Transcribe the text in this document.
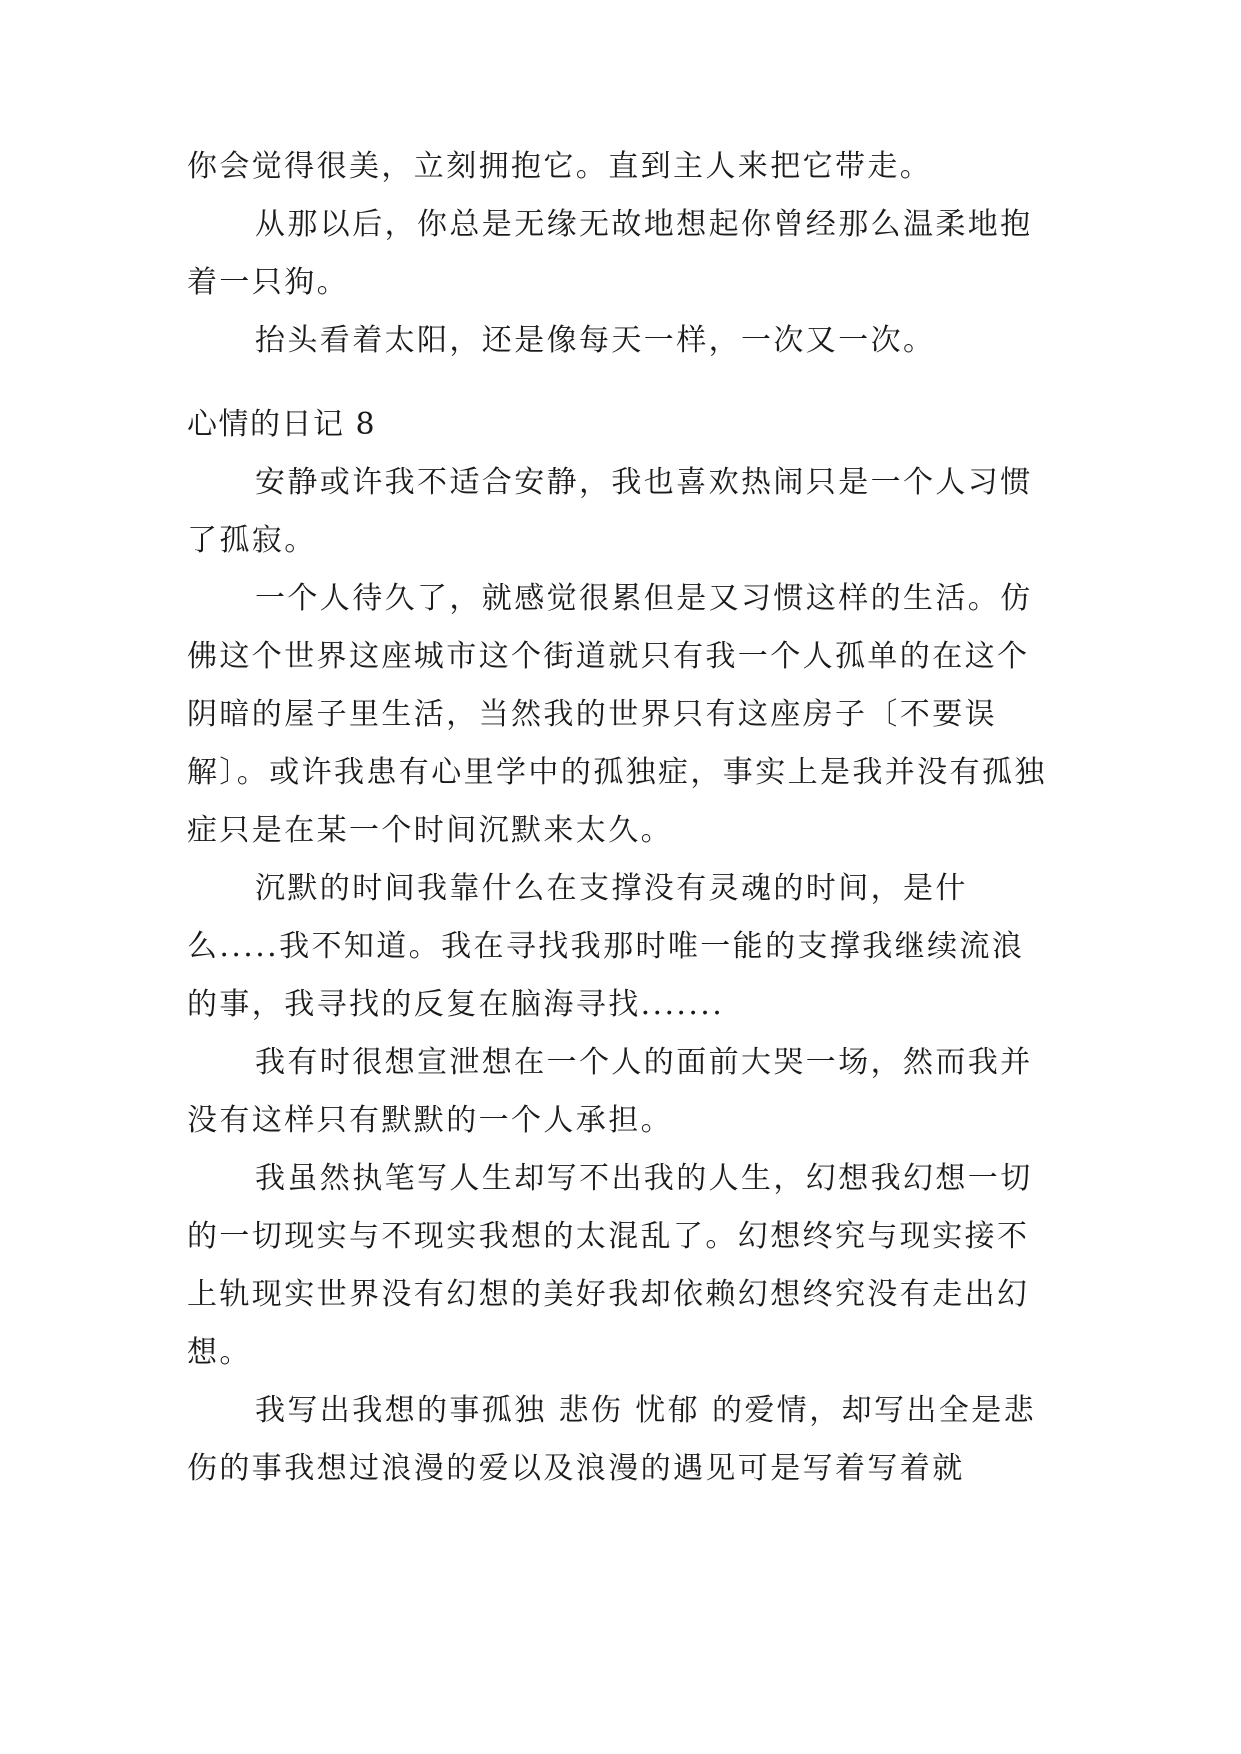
你会觉得很美，立刻拥抱它。直到主人来把它带走。

从那以后，你总是无缘无故地想起你曾经那么温柔地抱着一只狗。

抬头看着太阳，还是像每天一样，一次又一次。

心情的日记 8

安静或许我不适合安静，我也喜欢热闹只是一个人习惯了孤寂。

一个人待久了，就感觉很累但是又习惯这样的生活。仿佛这个世界这座城市这个街道就只有我一个人孤单的在这个阴暗的屋子里生活，当然我的世界只有这座房子〔不要误解〕。或许我患有心里学中的孤独症，事实上是我并没有孤独症只是在某一个时间沉默来太久。

沉默的时间我靠什么在支撑没有灵魂的时间，是什么.....我不知道。我在寻找我那时唯一能的支撑我继续流浪的事，我寻找的反复在脑海寻找.......

我有时很想宣泄想在一个人的面前大哭一场，然而我并没有这样只有默默的一个人承担。

我虽然执笔写人生却写不出我的人生，幻想我幻想一切的一切现实与不现实我想的太混乱了。幻想终究与现实接不上轨现实世界没有幻想的美好我却依赖幻想终究没有走出幻想。

我写出我想的事孤独 悲伤 忧郁 的爱情，却写出全是悲伤的事我想过浪漫的爱以及浪漫的遇见可是写着写着就
